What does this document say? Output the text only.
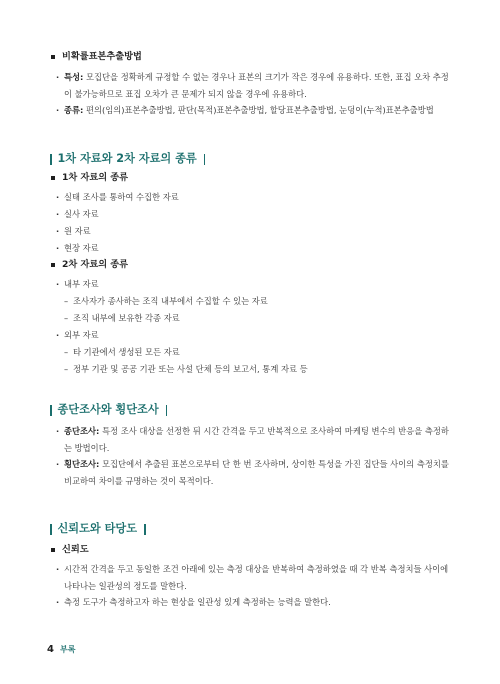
비확률표본추출방법
· 특성: 모집단을 정확하게 규정할 수 없는 경우나 표본의 크기가 작은 경우에 유용하다. 또한, 표집 오차 추정이 불가능하므로 표집 오차가 큰 문제가 되지 않을 경우에 유용하다.
· 종류: 편의(임의)표본추출방법, 판단(목적)표본추출방법, 할당표본추출방법, 눈덩이(누적)표본추출방법
1차 자료와 2차 자료의 종류
1차 자료의 종류
· 실태 조사를 통하여 수집한 자료
· 실사 자료
· 원 자료
· 현장 자료
2차 자료의 종류
· 내부 자료
– 조사자가 종사하는 조직 내부에서 수집할 수 있는 자료
– 조직 내부에 보유한 각종 자료
· 외부 자료
– 타 기관에서 생성된 모든 자료
– 정부 기관 및 공공 기관 또는 사설 단체 등의 보고서, 통계 자료 등
종단조사와 횡단조사
· 종단조사: 특정 조사 대상을 선정한 뒤 시간 간격을 두고 반복적으로 조사하여 마케팅 변수의 반응을 측정하는 방법이다.
· 횡단조사: 모집단에서 추출된 표본으로부터 단 한 번 조사하며, 상이한 특성을 가진 집단들 사이의 측정치를 비교하여 차이를 규명하는 것이 목적이다.
신뢰도와 타당도
신뢰도
· 시간적 간격을 두고 동일한 조건 아래에 있는 측정 대상을 반복하여 측정하였을 때 각 반복 측정치들 사이에 나타나는 일관성의 정도를 말한다.
· 측정 도구가 측정하고자 하는 현상을 일관성 있게 측정하는 능력을 말한다.
4 부록
